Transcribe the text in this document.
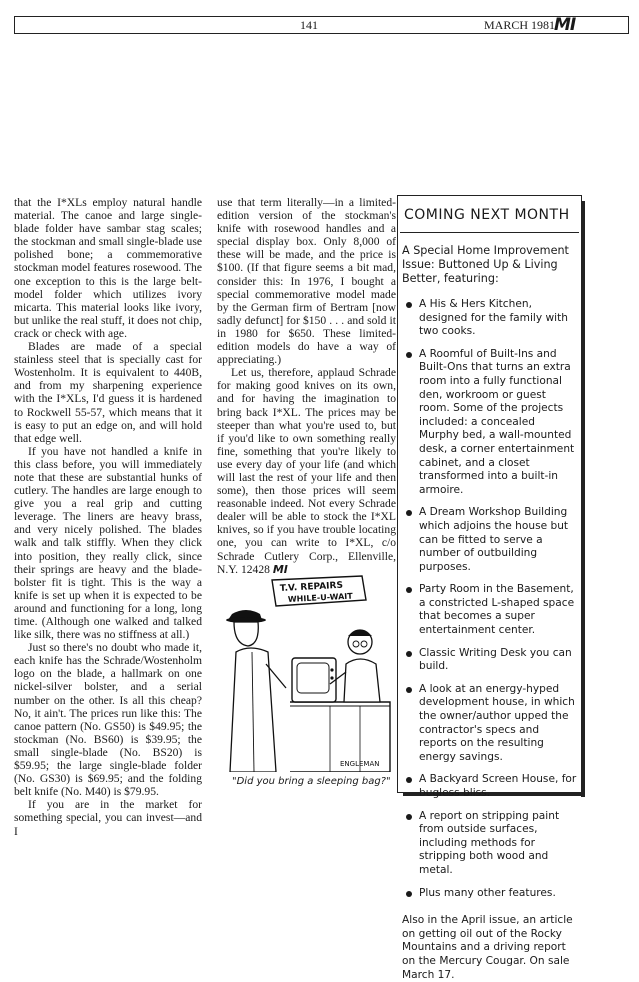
141	MARCH 1981
MI

that the I*XLs employ natural handle material. The canoe and large single-blade folder have sambar stag scales; the stockman and small single-blade use polished bone; a commemorative stockman model features rosewood. The one exception to this is the large belt-model folder which utilizes ivory micarta. This material looks like ivory, but unlike the real stuff, it does not chip, crack or check with age.

Blades are made of a special stainless steel that is specially cast for Wostenholm. It is equivalent to 440B, and from my sharpening experience with the I*XLs, I'd guess it is hardened to Rockwell 55-57, which means that it is easy to put an edge on, and will hold that edge well.

If you have not handled a knife in this class before, you will immediately note that these are substantial hunks of cutlery. The handles are large enough to give you a real grip and cutting leverage. The liners are heavy brass, and very nicely polished. The blades walk and talk stiffly. When they click into position, they really click, since their springs are heavy and the blade-bolster fit is tight. This is the way a knife is set up when it is expected to be around and functioning for a long, long time. (Although one walked and talked like silk, there was no stiffness at all.)

Just so there's no doubt who made it, each knife has the Schrade/Wostenholm logo on the blade, a hallmark on one nickel-silver bolster, and a serial number on the other. Is all this cheap? No, it ain't. The prices run like this: The canoe pattern (No. GS50) is $49.95; the stockman (No. BS60) is $39.95; the small single-blade (No. BS20) is $59.95; the large single-blade folder (No. GS30) is $69.95; and the folding belt knife (No. M40) is $79.95.

If you are in the market for something special, you can invest—and I

use that term literally—in a limited-edition version of the stockman's knife with rosewood handles and a special display box. Only 8,000 of these will be made, and the price is $100. (If that figure seems a bit mad, consider this: In 1976, I bought a special commemorative model made by the German firm of Bertram [now sadly defunct] for $150 . . . and sold it in 1980 for $650. These limited-edition models do have a way of appreciating.)

Let us, therefore, applaud Schrade for making good knives on its own, and for having the imagination to bring back I*XL. The prices may be steeper than what you're used to, but if you'd like to own something really fine, something that you're likely to use every day of your life (and which will last the rest of your life and then some), then those prices will seem reasonable indeed. Not every Schrade dealer will be able to stock the I*XL knives, so if you have trouble locating one, you can write to I*XL, c/o Schrade Cutlery Corp., Ellenville, N.Y. 12428 MI

T.V. REPAIRS
WHILE-U-WAIT
ENGLEMAN
"Did you bring a sleeping bag?"
COMING NEXT MONTH

A Special Home Improvement Issue: Buttoned Up & Living Better, featuring:

A His & Hers Kitchen, designed for the family with two cooks.
A Roomful of Built-Ins and Built-Ons that turns an extra room into a fully functional den, workroom or guest room. Some of the projects included: a concealed Murphy bed, a wall-mounted desk, a corner entertainment cabinet, and a closet transformed into a built-in armoire.
A Dream Workshop Building which adjoins the house but can be fitted to serve a number of outbuilding purposes.
Party Room in the Basement, a constricted L-shaped space that becomes a super entertainment center.
Classic Writing Desk you can build.
A look at an energy-hyped development house, in which the owner/author upped the contractor's specs and reports on the resulting energy savings.
A Backyard Screen House, for bugless bliss.
A report on stripping paint from outside surfaces, including methods for stripping both wood and metal.
Plus many other features.

Also in the April issue, an article on getting oil out of the Rocky Mountains and a driving report on the Mercury Cougar. On sale March 17.
